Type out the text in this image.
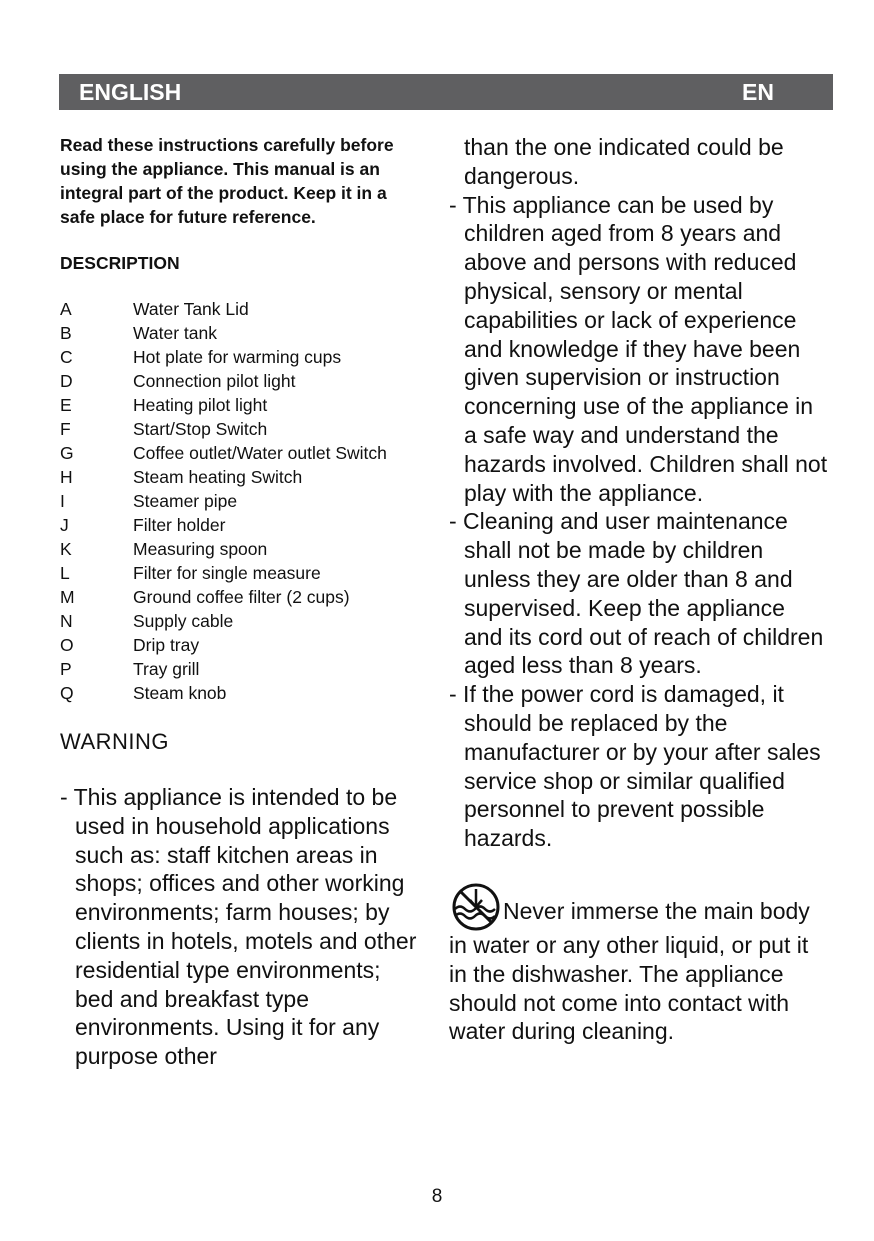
ENGLISH	EN

Read these instructions carefully before using the appliance. This manual is an integral part of the product. Keep it in a safe place for future reference.

DESCRIPTION
A	Water Tank Lid
B	Water tank
C	Hot plate for warming cups
D	Connection pilot light
E	Heating pilot light
F	Start/Stop Switch
G	Coffee outlet/Water outlet Switch
H	Steam heating Switch
I	Steamer pipe
J	Filter holder
K	Measuring spoon
L	Filter for single measure
M	Ground coffee filter (2 cups)
N	Supply cable
O	Drip tray
P	Tray grill
Q	Steam knob
WARNING

- This appliance is intended to be used in household applications such as: staff kitchen areas in shops; offices and other working environments; farm houses; by clients in hotels, motels and other residential type environments; bed and breakfast type environments. Using it for any purpose other

than the one indicated could be dangerous.

- This appliance can be used by children aged from 8 years and above and persons with reduced physical, sensory or mental capabilities or lack of experience and knowledge if they have been given supervision or instruction concerning use of the appliance in a safe way and understand the hazards involved. Children shall not play with the appliance.

- Cleaning and user maintenance shall not be made by children unless they are older than 8 and supervised. Keep the appliance and its cord out of reach of children aged less than 8 years.

- If the power cord is damaged, it should be replaced by the manufacturer or by your after sales service shop or similar qualified personnel to prevent possible hazards.

Never immerse the main body in water or any other liquid, or put it in the dishwasher. The appliance should not come into contact with water during cleaning.
8
